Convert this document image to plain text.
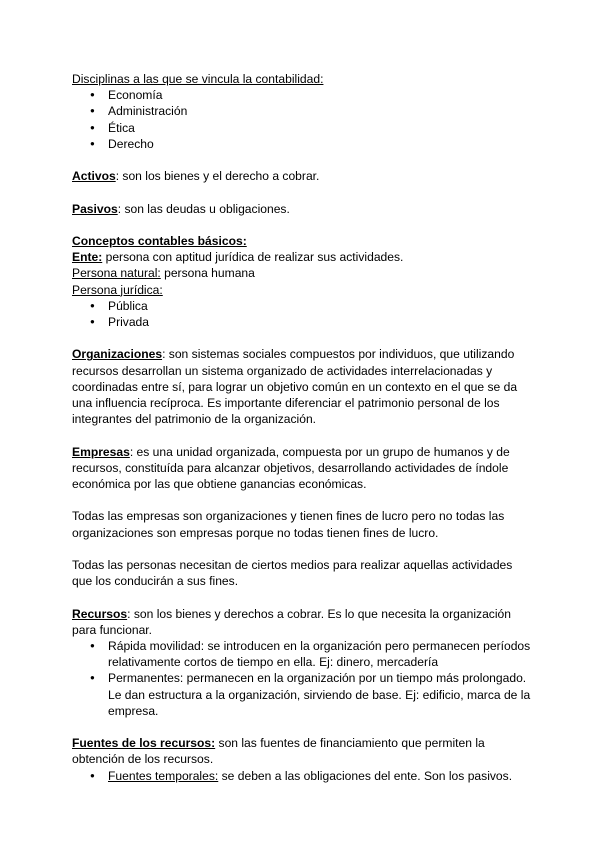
Disciplinas a las que se vincula la contabilidad:

● Economía
● Administración
● Ética
● Derecho

Activos: son los bienes y el derecho a cobrar.

Pasivos: son las deudas u obligaciones.

Conceptos contables básicos:

Ente: persona con aptitud jurídica de realizar sus actividades.

Persona natural: persona humana

Persona jurídica:

● Pública
● Privada

Organizaciones: son sistemas sociales compuestos por individuos, que utilizando recursos desarrollan un sistema organizado de actividades interrelacionadas y coordinadas entre sí, para lograr un objetivo común en un contexto en el que se da una influencia recíproca. Es importante diferenciar el patrimonio personal de los integrantes del patrimonio de la organización.

Empresas: es una unidad organizada, compuesta por un grupo de humanos y de recursos, constituída para alcanzar objetivos, desarrollando actividades de índole económica por las que obtiene ganancias económicas.

Todas las empresas son organizaciones y tienen fines de lucro pero no todas las organizaciones son empresas porque no todas tienen fines de lucro.

Todas las personas necesitan de ciertos medios para realizar aquellas actividades que los conducirán a sus fines.

Recursos: son los bienes y derechos a cobrar. Es lo que necesita la organización para funcionar.

● Rápida movilidad: se introducen en la organización pero permanecen períodos relativamente cortos de tiempo en ella. Ej: dinero, mercadería
● Permanentes: permanecen en la organización por un tiempo más prolongado. Le dan estructura a la organización, sirviendo de base. Ej: edificio, marca de la empresa.

Fuentes de los recursos: son las fuentes de financiamiento que permiten la obtención de los recursos.

● Fuentes temporales: se deben a las obligaciones del ente. Son los pasivos.
